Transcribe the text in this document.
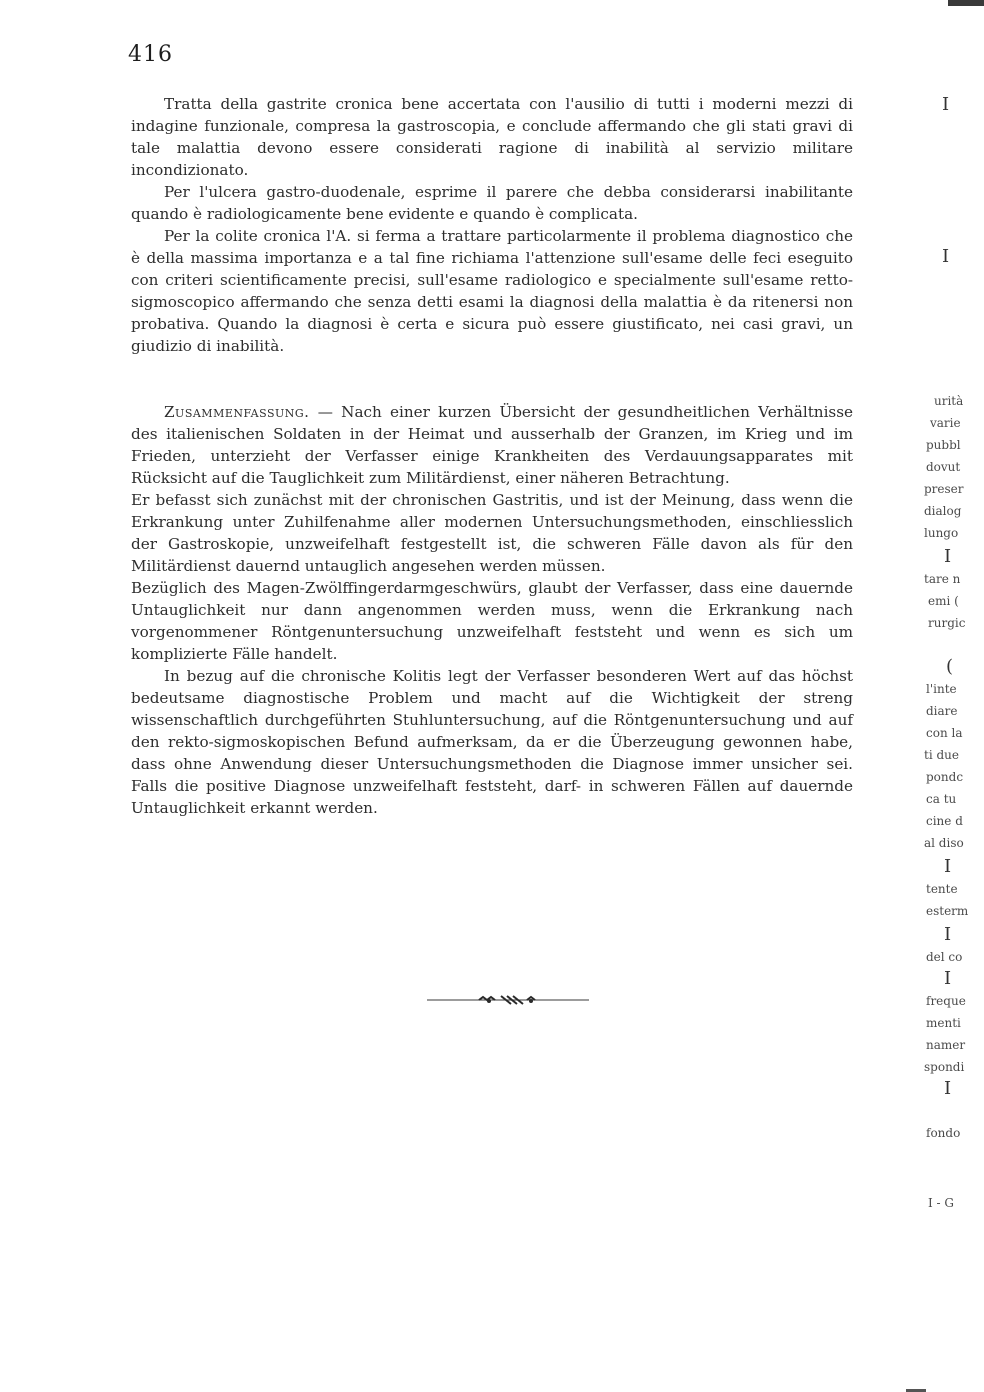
416

Tratta della gastrite cronica bene accertata con l'ausilio di tutti i moderni mezzi di indagine funzionale, compresa la gastroscopia, e conclude affermando che gli stati gravi di tale malattia devono essere considerati ragione di inabilità al servizio militare incondizionato.

Per l'ulcera gastro-duodenale, esprime il parere che debba considerarsi inabilitante quando è radiologicamente bene evidente e quando è complicata.

Per la colite cronica l'A. si ferma a trattare particolarmente il problema diagnostico che è della massima importanza e a tal fine richiama l'attenzione sull'esame delle feci eseguito con criteri scientificamente precisi, sull'esame radiologico e specialmente sull'esame retto-sigmoscopico affermando che senza detti esami la diagnosi della malattia è da ritenersi non probativa. Quando la diagnosi è certa e sicura può essere giustificato, nei casi gravi, un giudizio di inabilità.

Zusammenfassung. — Nach einer kurzen Übersicht der gesundheitlichen Verhältnisse des italienischen Soldaten in der Heimat und ausserhalb der Granzen, im Krieg und im Frieden, unterzieht der Verfasser einige Krankheiten des Verdauungsapparates mit Rücksicht auf die Tauglichkeit zum Militärdienst, einer näheren Betrachtung.

Er befasst sich zunächst mit der chronischen Gastritis, und ist der Meinung, dass wenn die Erkrankung unter Zuhilfenahme aller modernen Untersuchungsmethoden, einschliesslich der Gastroskopie, unzweifelhaft festgestellt ist, die schweren Fälle davon als für den Militärdienst dauernd untauglich angesehen werden müssen.

Bezüglich des Magen-Zwölffingerdarmgeschwürs, glaubt der Verfasser, dass eine dauernde Untauglichkeit nur dann angenommen werden muss, wenn die Erkrankung nach vorgenommener Röntgenuntersuchung unzweifelhaft feststeht und wenn es sich um komplizierte Fälle handelt.

In bezug auf die chronische Kolitis legt der Verfasser besonderen Wert auf das höchst bedeutsame diagnostische Problem und macht auf die Wichtigkeit der streng wissenschaftlich durchgeführten Stuhluntersuchung, auf die Röntgenuntersuchung und auf den rekto-sigmoskopischen Befund aufmerksam, da er die Überzeugung gewonnen habe, dass ohne Anwendung dieser Untersuchungsmethoden die Diagnose immer unsicher sei. Falls die positive Diagnose unzweifelhaft feststeht, darf- in schweren Fällen auf dauernde Untauglichkeit erkannt werden.

I
I
urità
varie
pubbl
dovut
preser
dialog
lungo
I
tare n
emi (
rurgic
(
l'inte
diare
con la
ti due
pondc
ca tu
cine d
al diso
I
tente
esterm
I
del co
I
freque
menti
namer
spondi
I
fondo
I - G
